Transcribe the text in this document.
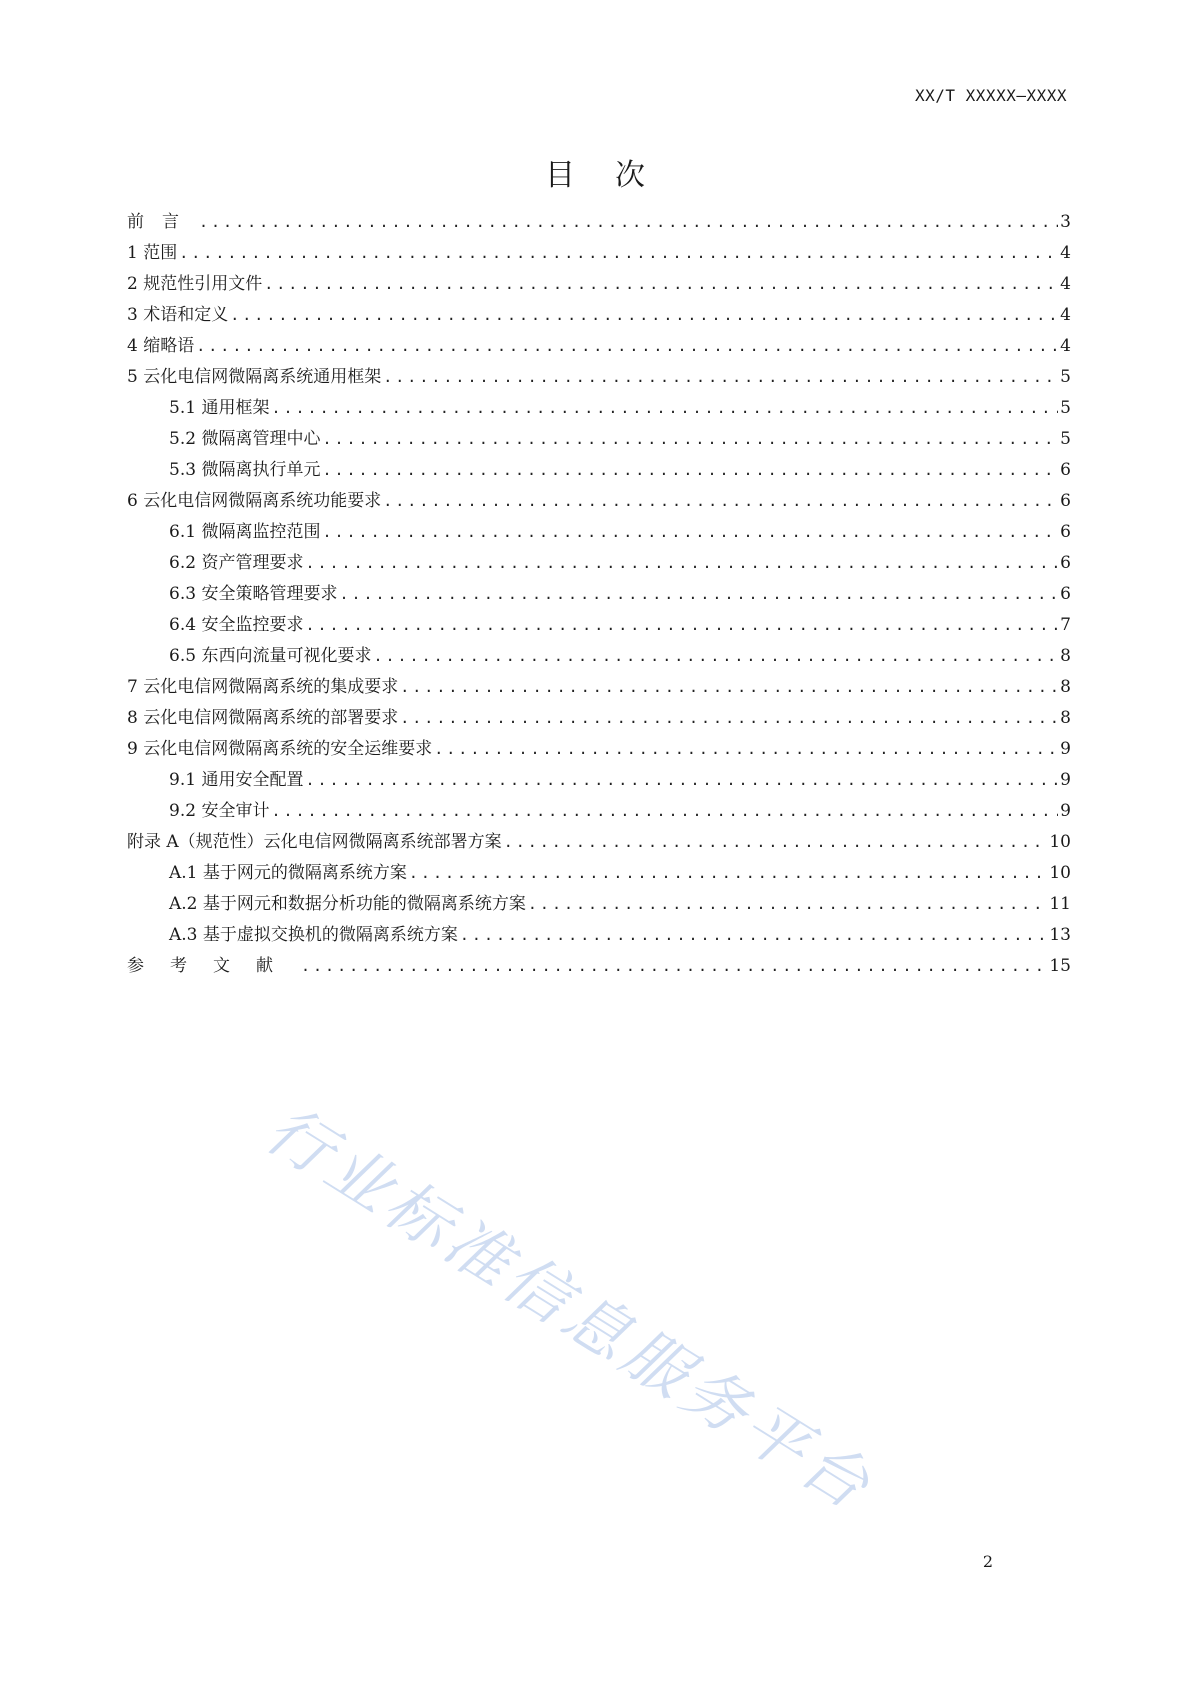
XX/T XXXXX—XXXX
目 次
前言 .....	3
1 范围 .....	4
2 规范性引用文件 .....	4
3 术语和定义 .....	4
4 缩略语 .....	4
5 云化电信网微隔离系统通用框架 .....	5
5.1 通用框架 .....	5
5.2 微隔离管理中心 .....	5
5.3 微隔离执行单元 .....	6
6 云化电信网微隔离系统功能要求 .....	6
6.1 微隔离监控范围 .....	6
6.2 资产管理要求 .....	6
6.3 安全策略管理要求 .....	6
6.4 安全监控要求 .....	7
6.5 东西向流量可视化要求 .....	8
7 云化电信网微隔离系统的集成要求 .....	8
8 云化电信网微隔离系统的部署要求 .....	8
9 云化电信网微隔离系统的安全运维要求 .....	9
9.1 通用安全配置 .....	9
9.2 安全审计 .....	9
附录 A（规范性）云化电信网微隔离系统部署方案 .....	10
A.1 基于网元的微隔离系统方案 .....	10
A.2 基于网元和数据分析功能的微隔离系统方案 .....	11
A.3 基于虚拟交换机的微隔离系统方案 .....	13
参考文献 .....	15
行业标准信息服务平台
2
